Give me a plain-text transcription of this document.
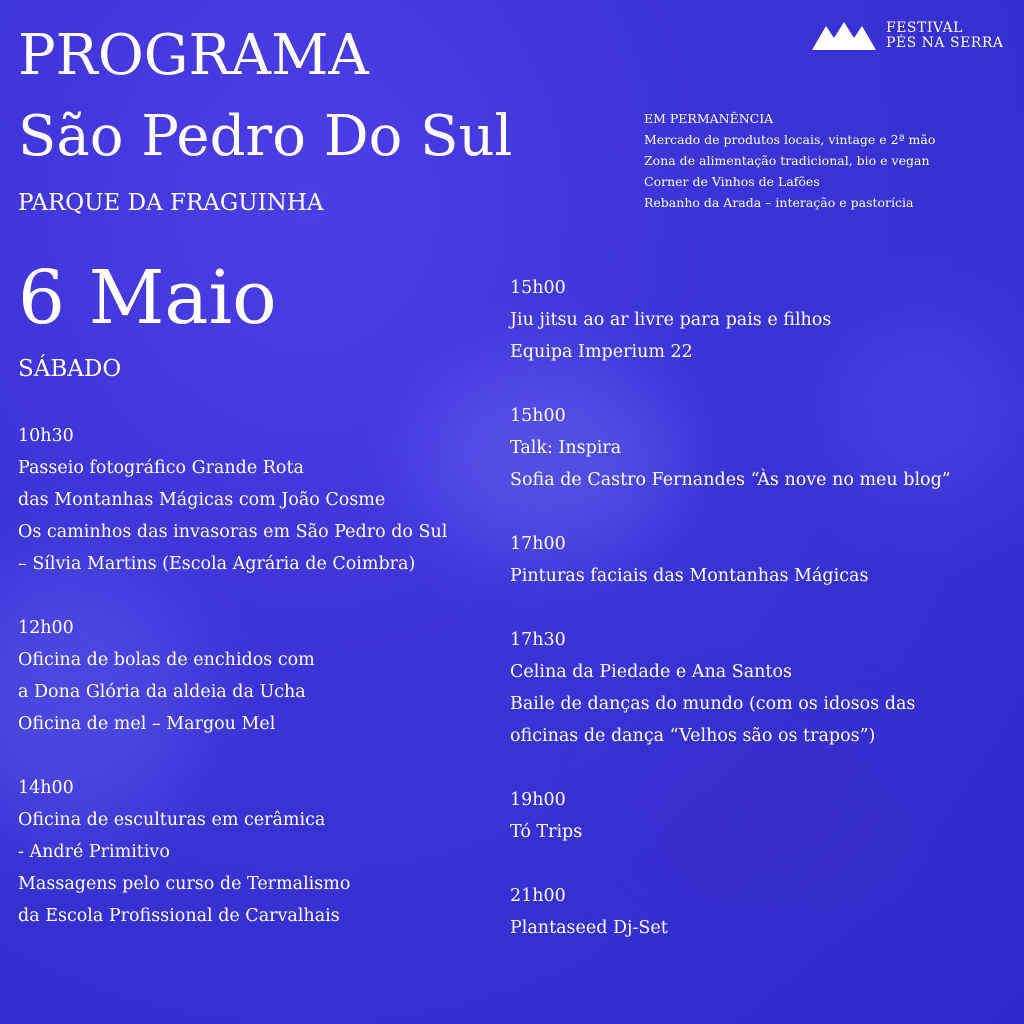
FESTIVAL
PÉS NA SERRA
PROGRAMA
São Pedro Do Sul
PARQUE DA FRAGUINHA
6 Maio
SÁBADO
EM PERMANÊNCIA
Mercado de produtos locais, vintage e 2ª mão
Zona de alimentação tradicional, bio e vegan
Corner de Vinhos de Lafões
Rebanho da Arada – interação e pastorícia
10h30
Passeio fotográfico Grande Rota
das Montanhas Mágicas com João Cosme
Os caminhos das invasoras em São Pedro do Sul
– Sílvia Martins (Escola Agrária de Coimbra)
12h00
Oficina de bolas de enchidos com
a Dona Glória da aldeia da Ucha
Oficina de mel – Margou Mel
14h00
Oficina de esculturas em cerâmica
- André Primitivo
Massagens pelo curso de Termalismo
da Escola Profissional de Carvalhais
15h00
Jiu jitsu ao ar livre para pais e filhos
Equipa Imperium 22
15h00
Talk: Inspira
Sofia de Castro Fernandes “Às nove no meu blog”
17h00
Pinturas faciais das Montanhas Mágicas
17h30
Celina da Piedade e Ana Santos
Baile de danças do mundo (com os idosos das
oficinas de dança “Velhos são os trapos”)
19h00
Tó Trips
21h00
Plantaseed Dj-Set
